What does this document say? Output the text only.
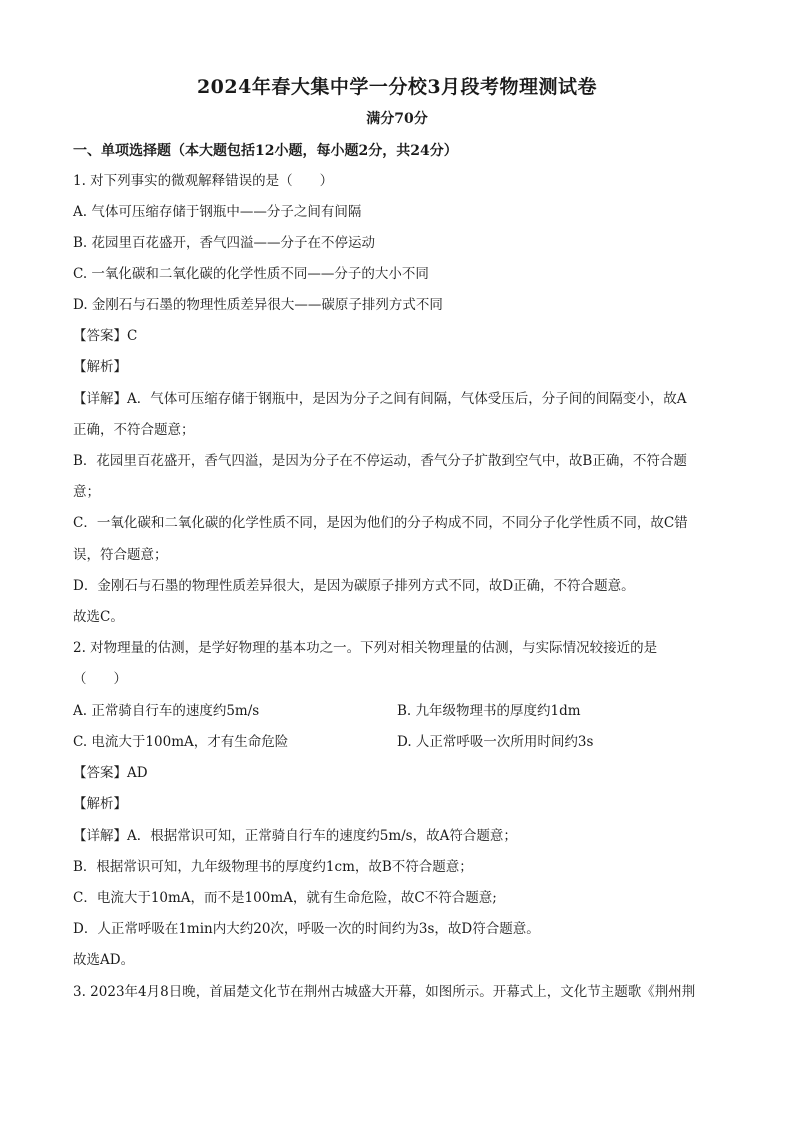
2024年春大集中学一分校3月段考物理测试卷
满分70分
一、单项选择题（本大题包括12小题，每小题2分，共24分）
1. 对下列事实的微观解释错误的是（　　）
A. 气体可压缩存储于钢瓶中——分子之间有间隔
B. 花园里百花盛开，香气四溢——分子在不停运动
C. 一氧化碳和二氧化碳的化学性质不同——分子的大小不同
D. 金刚石与石墨的物理性质差异很大——碳原子排列方式不同
【答案】C
【解析】
【详解】A．气体可压缩存储于钢瓶中，是因为分子之间有间隔，气体受压后，分子间的间隔变小，故A
正确，不符合题意；
B．花园里百花盛开，香气四溢，是因为分子在不停运动，香气分子扩散到空气中，故B正确，不符合题
意；
C．一氧化碳和二氧化碳的化学性质不同，是因为他们的分子构成不同，不同分子化学性质不同，故C错
误，符合题意；
D．金刚石与石墨的物理性质差异很大，是因为碳原子排列方式不同，故D正确，不符合题意。
故选C。
2. 对物理量的估测，是学好物理的基本功之一。下列对相关物理量的估测，与实际情况较接近的是
（　　）
A. 正常骑自行车的速度约5m/s	B. 九年级物理书的厚度约1dm
C. 电流大于100mA，才有生命危险	D. 人正常呼吸一次所用时间约3s
【答案】AD
【解析】
【详解】A．根据常识可知，正常骑自行车的速度约5m/s，故A符合题意；
B．根据常识可知，九年级物理书的厚度约1cm，故B不符合题意；
C．电流大于10mA，而不是100mA，就有生命危险，故C不符合题意;
D．人正常呼吸在1min内大约20次，呼吸一次的时间约为3s，故D符合题意。
故选AD。
3. 2023年4月8日晚，首届楚文化节在荆州古城盛大开幕，如图所示。开幕式上，文化节主题歌《荆州荆
